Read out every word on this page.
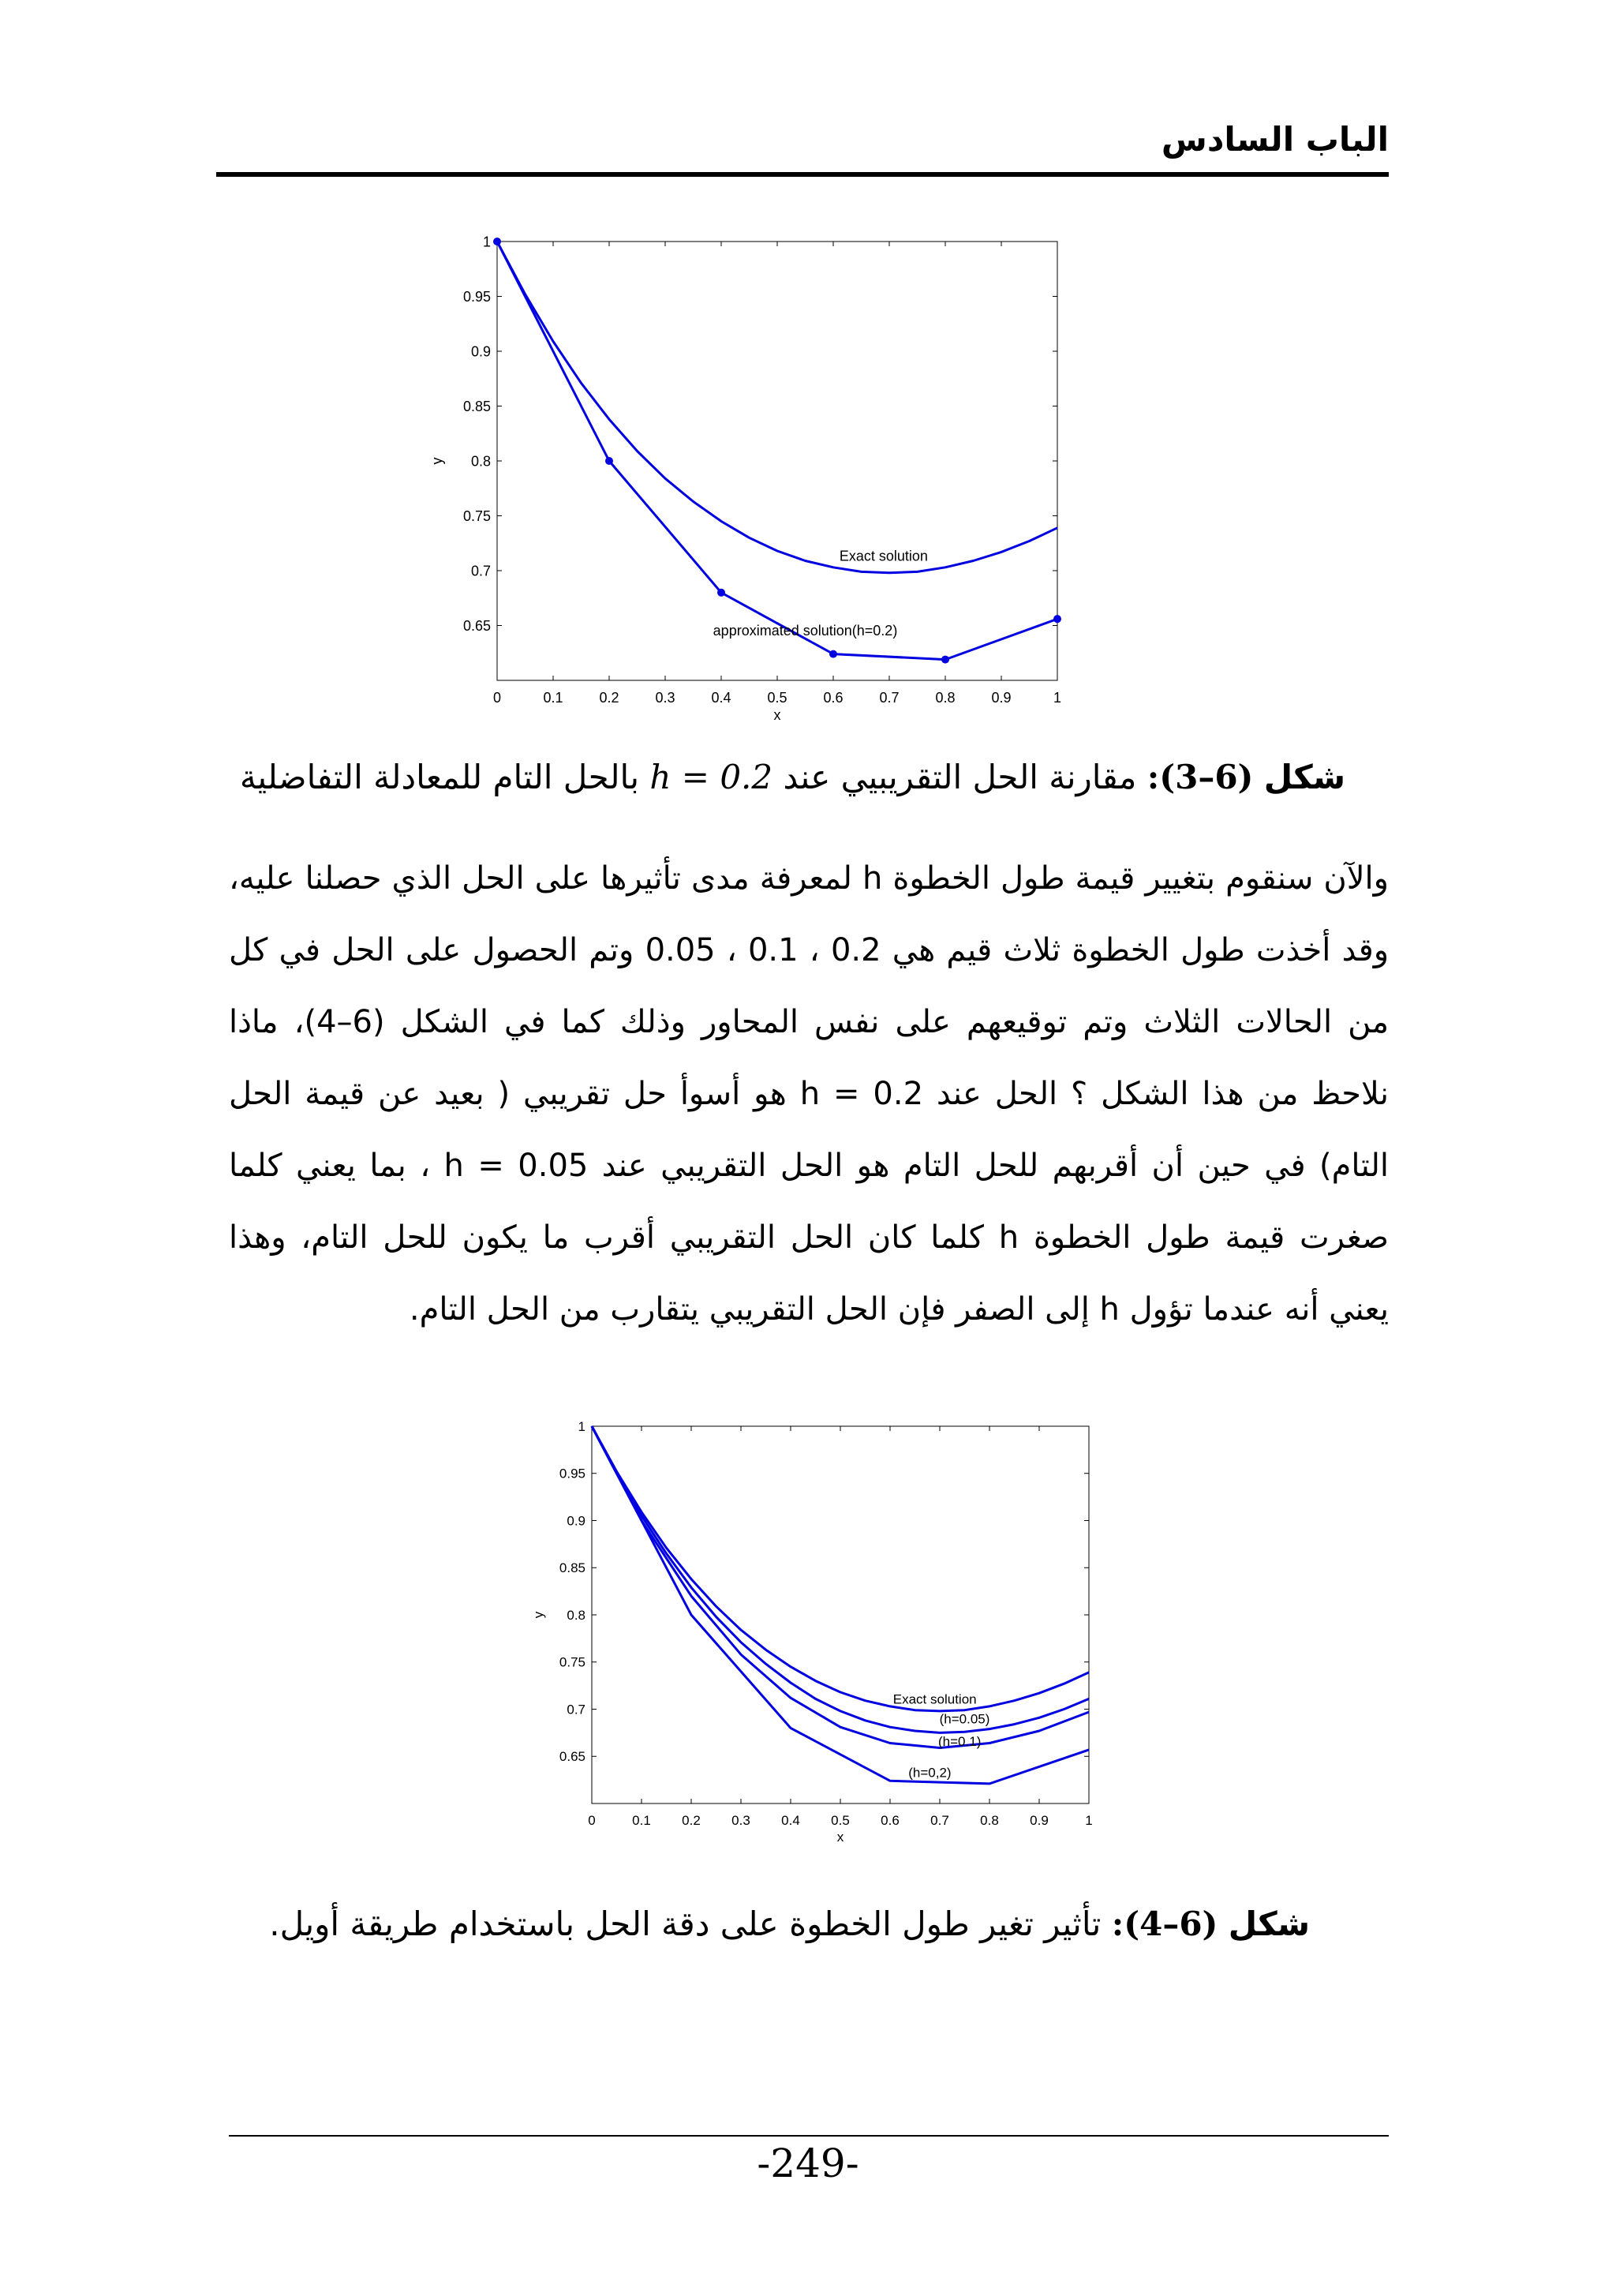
الباب السادس
0	0.1	0.2	0.3	0.4	0.5	0.6	0.7	0.8	0.9	1
0.65
0.7
0.75
0.8
0.85
0.9
0.95
1
x
y
Exact solution
approximated solution(h=0.2)
شكل (6–3): مقارنة الحل التقريبيي عند h = 0.2 بالحل التام للمعادلة التفاضلية
والآن سنقوم بتغيير قيمة طول الخطوة h لمعرفة مدى تأثيرها على الحل الذي حصلنا عليه، وقد أخذت طول الخطوة ثلاث قيم هي 0.2 ، 0.1 ، 0.05 وتم الحصول على الحل في كل من الحالات الثلاث وتم توقيعهم على نفس المحاور وذلك كما في الشكل (6–4)، ماذا نلاحظ من هذا الشكل ؟ الحل عند h = 0.2 هو أسوأ حل تقريبي ( بعيد عن قيمة الحل التام) في حين أن أقربهم للحل التام هو الحل التقريبي عند h = 0.05 ، بما يعني كلما صغرت قيمة طول الخطوة h كلما كان الحل التقريبي أقرب ما يكون للحل التام، وهذا يعني أنه عندما تؤول h إلى الصفر فإن الحل التقريبي يتقارب من الحل التام.
0	0.1 0.2 0.3 0.4 0.5 0.6 0.7 0.8 0.9	1
0.65
0.7
0.75
0.8
0.85
0.9
0.95
1
x
y
Exact solution
(h=0.05)
(h=0.1)
(h=0,2)
شكل (6–4): تأثير تغير طول الخطوة على دقة الحل باستخدام طريقة أويل.
-249-
